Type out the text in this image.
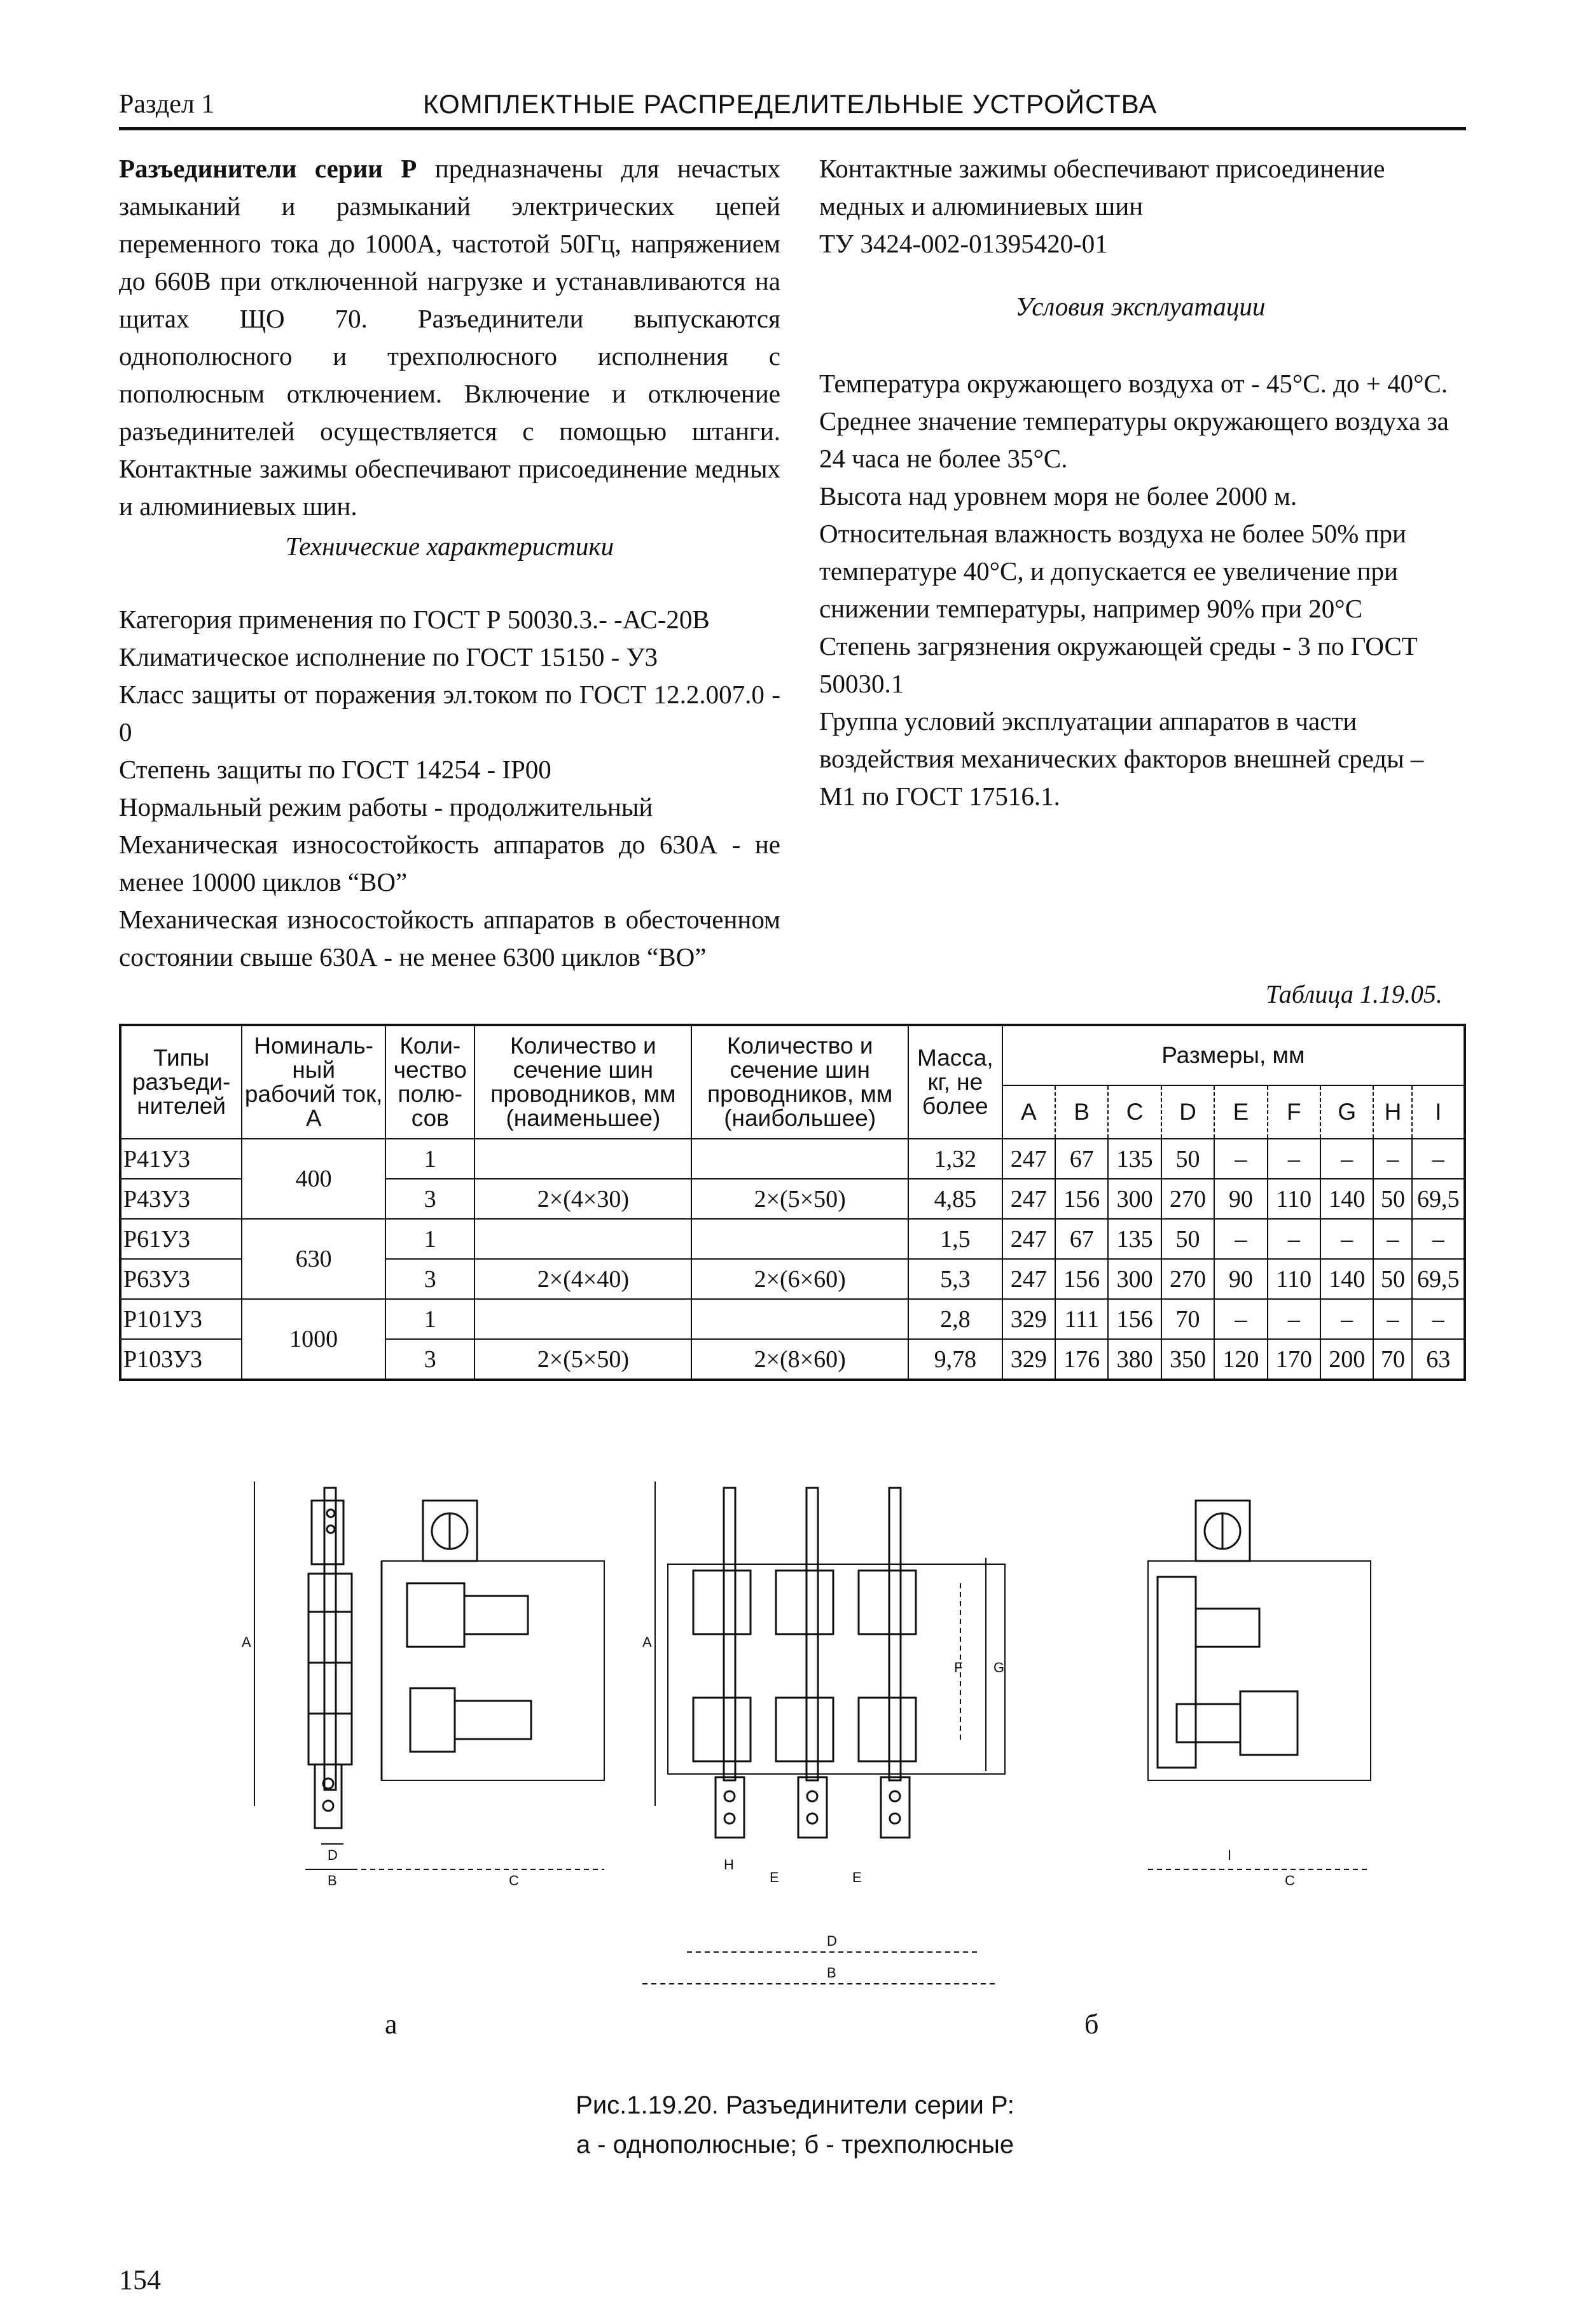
Раздел 1	КОМПЛЕКТНЫЕ РАСПРЕДЕЛИТЕЛЬНЫЕ УСТРОЙСТВА

Разъединители серии Р предназначены для нечастых замыканий и размыканий электрических цепей переменного тока до 1000А, частотой 50Гц, напряжением до 660В при отключенной нагрузке и устанавливаются на щитах ЩО 70. Разъединители выпускаются однополюсного и трехполюсного исполнения с пополюсным отключением. Включение и отключение разъединителей осуществляется с помощью штанги. Контактные зажимы обеспечивают присоединение медных и алюминиевых шин.

Технические характеристики

Категория применения по ГОСТ Р 50030.3.- -АС-20В

Климатическое исполнение по ГОСТ 15150 - У3

Класс защиты от поражения эл.током по ГОСТ 12.2.007.0 - 0

Степень защиты по ГОСТ 14254 - IP00

Нормальный режим работы - продолжительный

Механическая износостойкость аппаратов до 630А - не менее 10000 циклов “ВО”

Механическая износостойкость аппаратов в обесточенном состоянии свыше 630А - не менее 6300 циклов “ВО”

Контактные зажимы обеспечивают присоединение медных и алюминиевых шин

ТУ 3424-002-01395420-01

Условия эксплуатации

Температура окружающего воздуха от - 45°С. до + 40°С.

Среднее значение температуры окружающего воздуха за 24 часа не более 35°С.

Высота над уровнем моря не более 2000 м.

Относительная влажность воздуха не более 50% при температуре 40°С, и допускается ее увеличение при снижении температуры, например 90% при 20°С

Степень загрязнения окружающей среды - 3 по ГОСТ 50030.1

Группа условий эксплуатации аппаратов в части воздействия механических факторов внешней среды – М1 по ГОСТ 17516.1.

Таблица 1.19.05.
Типы разъеди-нителей	Номиналь-ный рабочий ток, А	Коли-чество полю-сов	Количество и сечение шин проводников, мм (наименьшее)	Количество и сечение шин проводников, мм (наибольшее)	Масса, кг, не более	Размеры, мм								
						A	B	C	D	E	F	G	H	I
Р41У3	400	1			1,32	247	67	135	50	–	–	–	–	–
Р43У3		3	2×(4×30)	2×(5×50)	4,85	247	156	300	270	90	110	140	50	69,5
Р61У3	630	1			1,5	247	67	135	50	–	–	–	–	–
Р63У3		3	2×(4×40)	2×(6×60)	5,3	247	156	300	270	90	110	140	50	69,5
Р101У3	1000	1			2,8	329	111	156	70	–	–	–	–	–
Р103У3		3	2×(5×50)	2×(8×60)	9,78	329	176	380	350	120	170	200	70	63
A
D
B	C
A
F G
H
E	E
D
B
I
C
а	б
Рис.1.19.20. Разъединители серии Р:
а - однополюсные; б - трехполюсные
154
